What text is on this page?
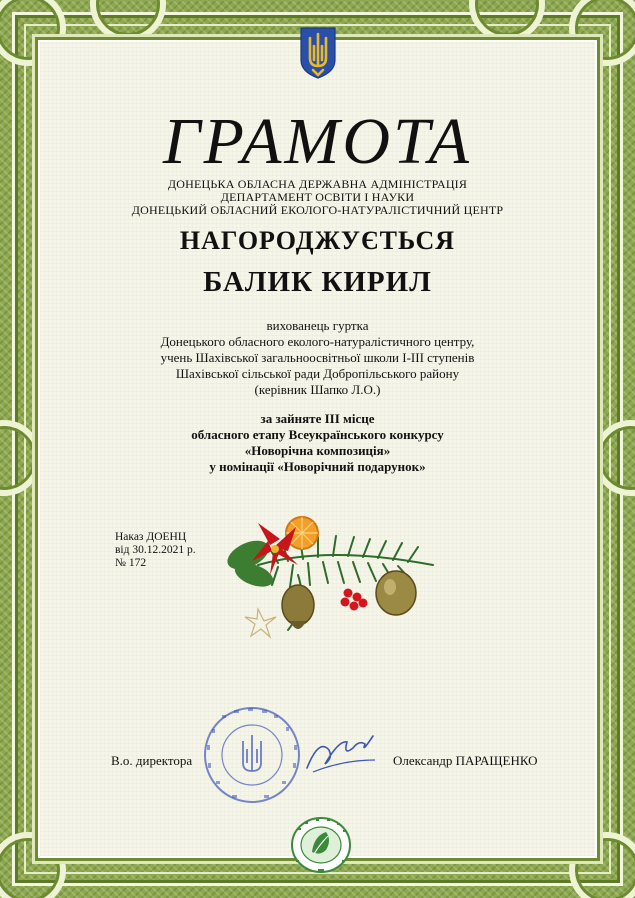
ГРАМОТА
ДОНЕЦЬКА ОБЛАСНА ДЕРЖАВНА АДМІНІСТРАЦІЯ
ДЕПАРТАМЕНТ ОСВІТИ І НАУКИ
ДОНЕЦЬКИЙ ОБЛАСНИЙ ЕКОЛОГО-НАТУРАЛІСТИЧНИЙ ЦЕНТР
НАГОРОДЖУЄТЬСЯ
БАЛИК КИРИЛ
вихованець гуртка
Донецького обласного еколого-натуралістичного центру,
учень Шахівської загальноосвітньої школи І-ІІІ ступенів
Шахівської сільської ради Добропільського району
(керівник Шапко Л.О.)
за зайняте ІІІ місце
обласного етапу Всеукраїнського конкурсу
«Новорічна композиція»
у номінації «Новорічний подарунок»
Наказ ДОЕНЦ
від 30.12.2021 р.
№ 172
В.о. директора	Олександр ПАРАЩЕНКО
